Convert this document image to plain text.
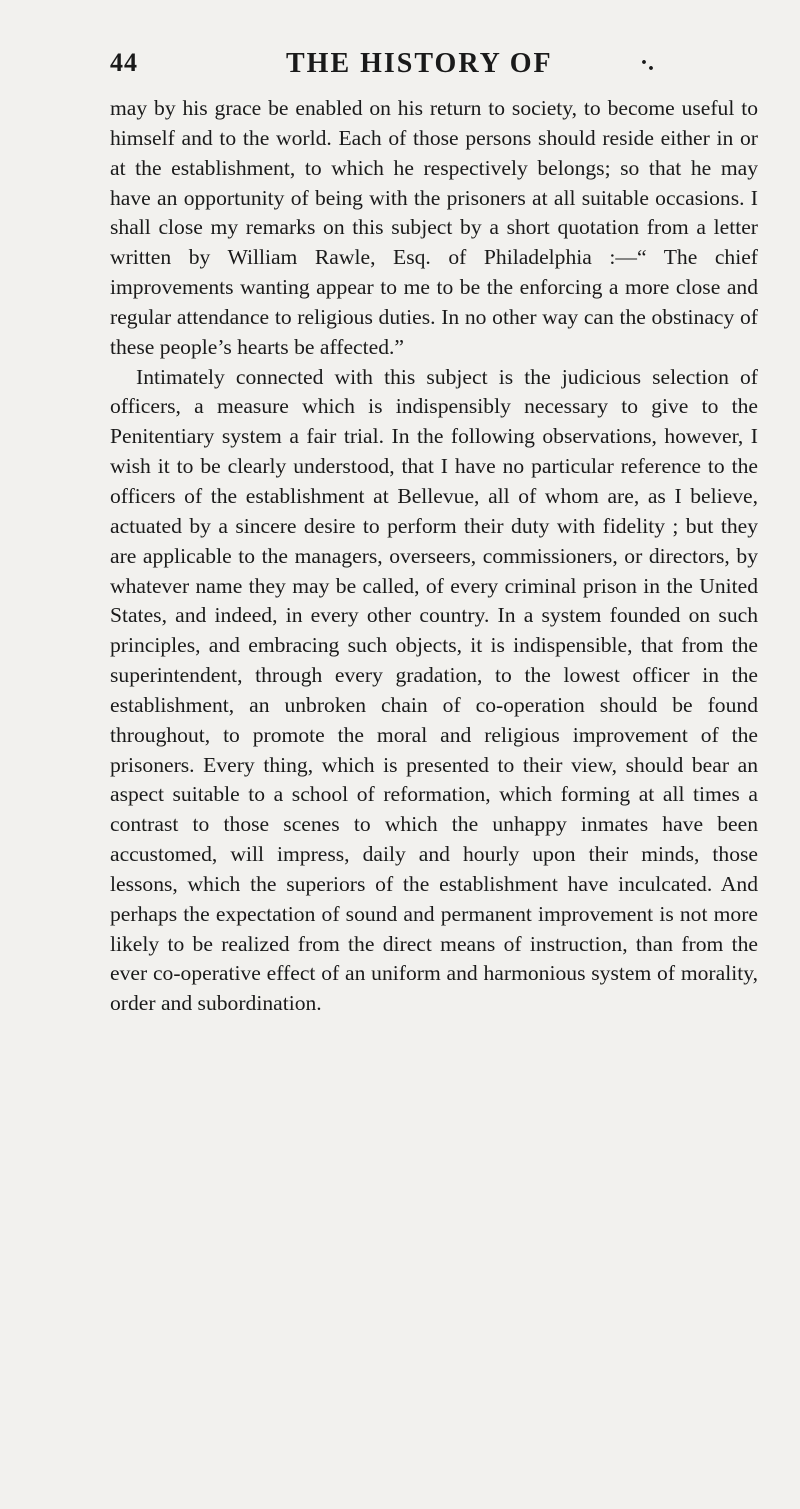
44	THE HISTORY OF	·.

may by his grace be enabled on his return to society, to become useful to himself and to the world. Each of those persons should reside either in or at the establishment, to which he respectively belongs; so that he may have an opportunity of being with the prisoners at all suitable occasions. I shall close my remarks on this subject by a short quotation from a letter written by William Rawle, Esq. of Philadelphia :—“ The chief improvements wanting appear to me to be the enforcing a more close and regular attendance to religious duties. In no other way can the obstinacy of these people’s hearts be affected.”

Intimately connected with this subject is the judicious selection of officers, a measure which is indispensibly necessary to give to the Penitentiary system a fair trial. In the following observations, however, I wish it to be clearly understood, that I have no particular reference to the officers of the establishment at Bellevue, all of whom are, as I believe, actuated by a sincere desire to perform their duty with fidelity ; but they are applicable to the managers, overseers, commissioners, or directors, by whatever name they may be called, of every criminal prison in the United States, and indeed, in every other country. In a system founded on such principles, and embracing such objects, it is indispensible, that from the superintendent, through every gradation, to the lowest officer in the establishment, an unbroken chain of co-operation should be found throughout, to promote the moral and religious improvement of the prisoners. Every thing, which is presented to their view, should bear an aspect suitable to a school of reformation, which forming at all times a contrast to those scenes to which the unhappy inmates have been accustomed, will impress, daily and hourly upon their minds, those lessons, which the superiors of the establishment have inculcated. And perhaps the expectation of sound and permanent improvement is not more likely to be realized from the direct means of instruction, than from the ever co-operative effect of an uniform and harmonious system of morality, order and subordination.
